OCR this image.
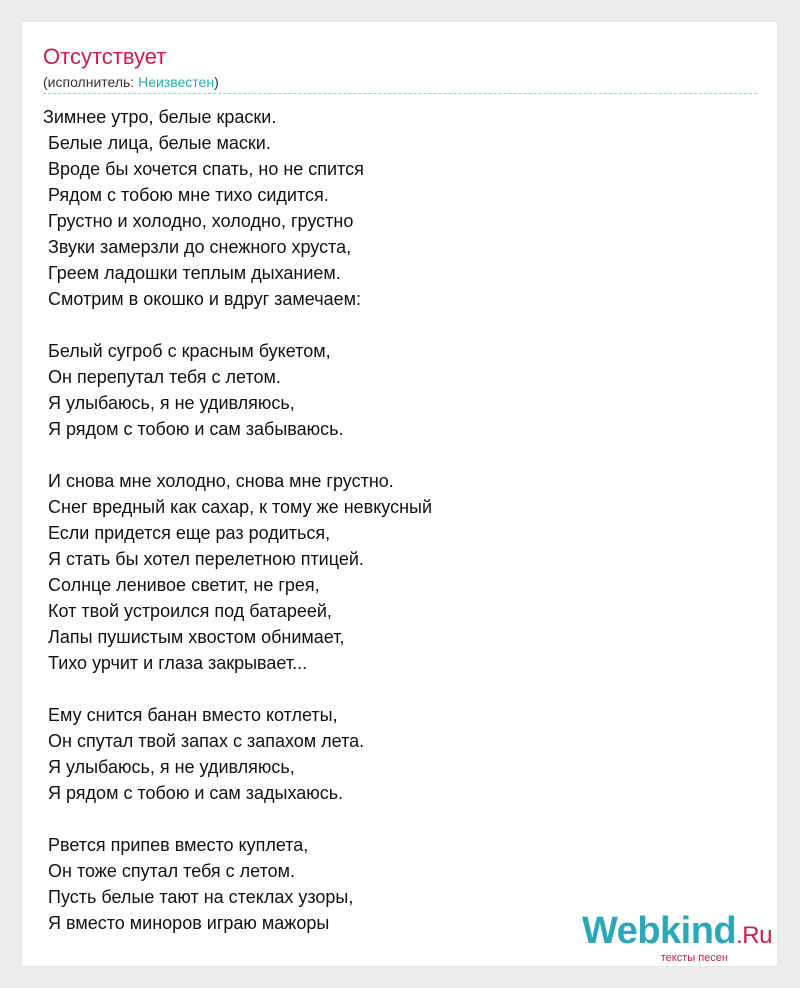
Отсутствует
(исполнитель: Неизвестен)
Зимнее утро, белые краски.
Белые лица, белые маски.
Вроде бы хочется спать, но не спится
Рядом с тобою мне тихо сидится.
Грустно и холодно, холодно, грустно
Звуки замерзли до снежного хруста,
Греем ладошки теплым дыханием.
Смотрим в окошко и вдруг замечаем:
Белый сугроб с красным букетом,
Он перепутал тебя с летом.
Я улыбаюсь, я не удивляюсь,
Я рядом с тобою и сам забываюсь.
И снова мне холодно, снова мне грустно.
Снег вредный как сахар, к тому же невкусный
Если придется еще раз родиться,
Я стать бы хотел перелетною птицей.
Солнце ленивое светит, не грея,
Кот твой устроился под батареей,
Лапы пушистым хвостом обнимает,
Тихо урчит и глаза закрывает...
Ему снится банан вместо котлеты,
Он спутал твой запах с запахом лета.
Я улыбаюсь, я не удивляюсь,
Я рядом с тобою и сам задыхаюсь.
Рвется припев вместо куплета,
Он тоже спутал тебя с летом.
Пусть белые тают на стеклах узоры,
Я вместо миноров играю мажоры	Webkind.Ru
тексты песен
